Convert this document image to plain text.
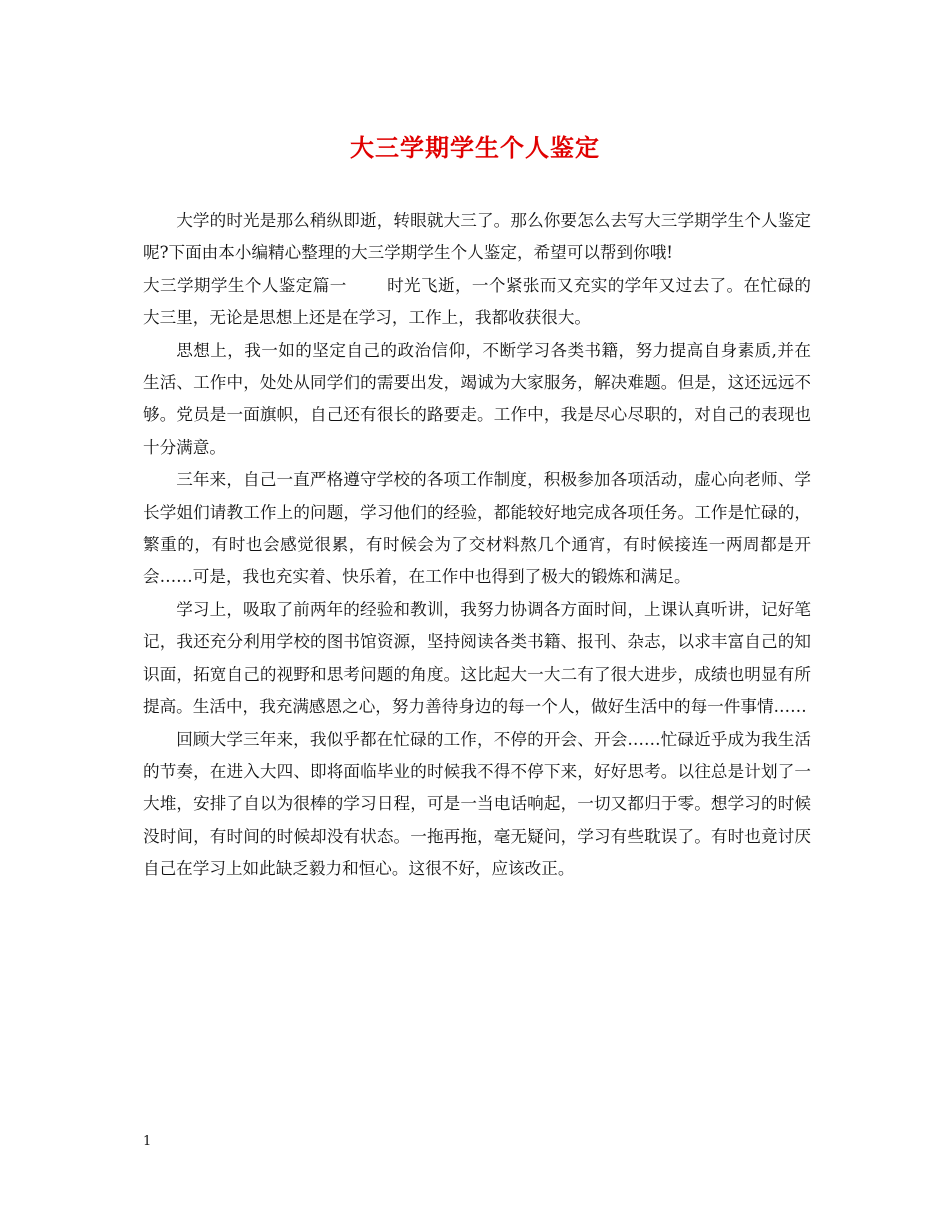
大三学期学生个人鉴定

大学的时光是那么稍纵即逝，转眼就大三了。那么你要怎么去写大三学期学生个人鉴定呢?下面由本小编精心整理的大三学期学生个人鉴定，希望可以帮到你哦!

大三学期学生个人鉴定篇一 时光飞逝，一个紧张而又充实的学年又过去了。在忙碌的大三里，无论是思想上还是在学习，工作上，我都收获很大。

思想上，我一如的坚定自己的政治信仰，不断学习各类书籍，努力提高自身素质,并在生活、工作中，处处从同学们的需要出发，竭诚为大家服务，解决难题。但是，这还远远不够。党员是一面旗帜，自己还有很长的路要走。工作中，我是尽心尽职的，对自己的表现也十分满意。

三年来，自己一直严格遵守学校的各项工作制度，积极参加各项活动，虚心向老师、学长学姐们请教工作上的问题，学习他们的经验，都能较好地完成各项任务。工作是忙碌的，繁重的，有时也会感觉很累，有时候会为了交材料熬几个通宵，有时候接连一两周都是开会……可是，我也充实着、快乐着，在工作中也得到了极大的锻炼和满足。

学习上，吸取了前两年的经验和教训，我努力协调各方面时间，上课认真听讲，记好笔记，我还充分利用学校的图书馆资源，坚持阅读各类书籍、报刊、杂志，以求丰富自己的知识面，拓宽自己的视野和思考问题的角度。这比起大一大二有了很大进步，成绩也明显有所提高。生活中，我充满感恩之心，努力善待身边的每一个人，做好生活中的每一件事情……

回顾大学三年来，我似乎都在忙碌的工作，不停的开会、开会……忙碌近乎成为我生活的节奏，在进入大四、即将面临毕业的时候我不得不停下来，好好思考。以往总是计划了一大堆，安排了自以为很棒的学习日程，可是一当电话响起，一切又都归于零。想学习的时候没时间，有时间的时候却没有状态。一拖再拖，毫无疑问，学习有些耽误了。有时也竟讨厌自己在学习上如此缺乏毅力和恒心。这很不好，应该改正。

1
